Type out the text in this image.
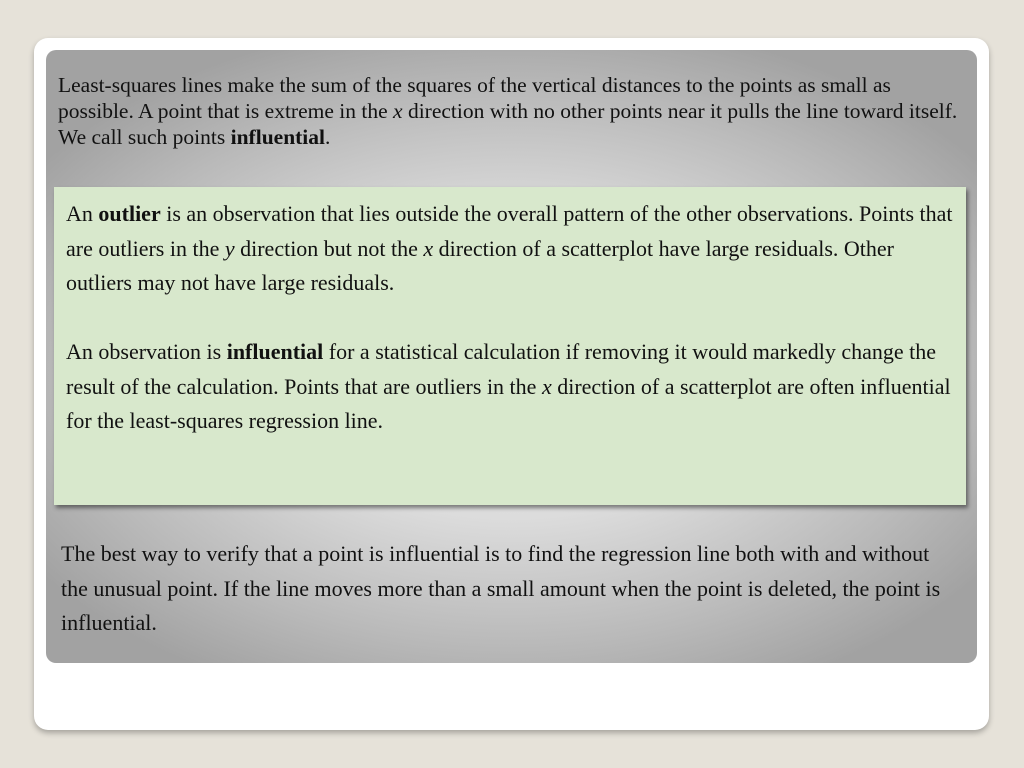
Least-squares lines make the sum of the squares of the vertical distances to the points as small as possible. A point that is extreme in the x direction with no other points near it pulls the line toward itself. We call such points influential.

An outlier is an observation that lies outside the overall pattern of the other observations. Points that are outliers in the y direction but not the x direction of a scatterplot have large residuals. Other outliers may not have large residuals.

An observation is influential for a statistical calculation if removing it would markedly change the result of the calculation. Points that are outliers in the x direction of a scatterplot are often influential for the least-squares regression line.

The best way to verify that a point is influential is to find the regression line both with and without the unusual point. If the line moves more than a small amount when the point is deleted, the point is influential.
